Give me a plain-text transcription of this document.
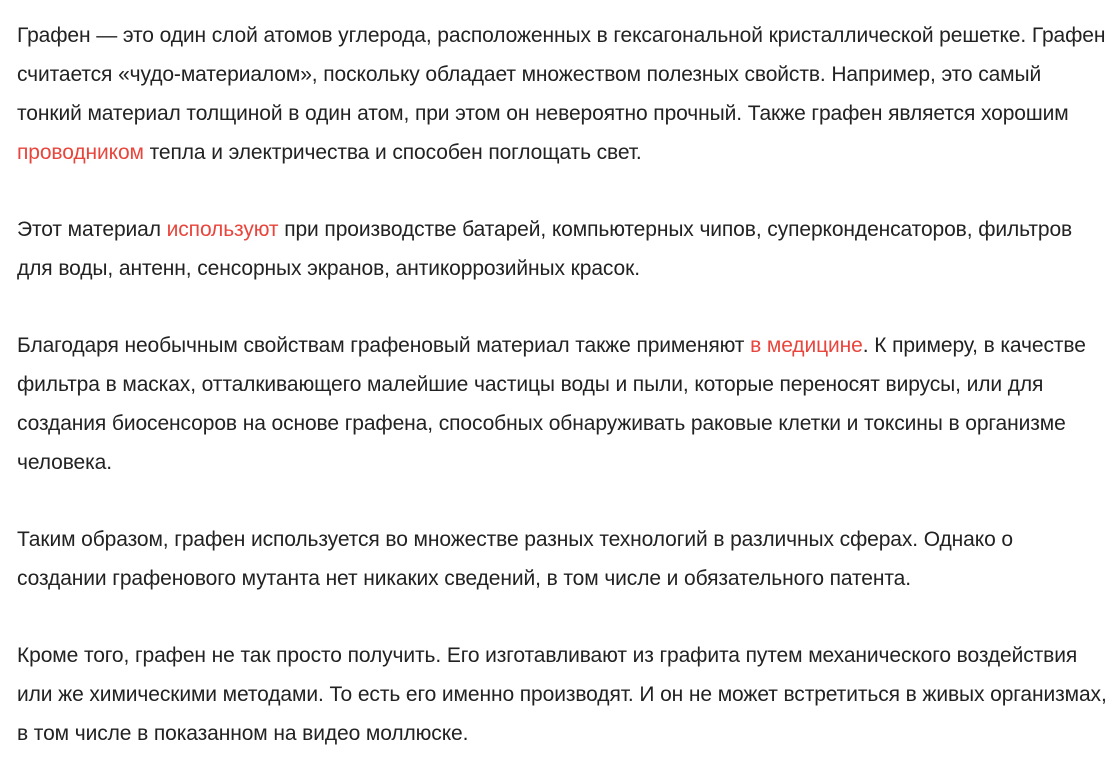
Графен — это один слой атомов углерода, расположенных в гексагональной кристаллической решетке. Графен считается «чудо-материалом», поскольку обладает множеством полезных свойств. Например, это самый тонкий материал толщиной в один атом, при этом он невероятно прочный. Также графен является хорошим проводником тепла и электричества и способен поглощать свет.

Этот материал используют при производстве батарей, компьютерных чипов, суперконденсаторов, фильтров для воды, антенн, сенсорных экранов, антикоррозийных красок.

Благодаря необычным свойствам графеновый материал также применяют в медицине. К примеру, в качестве фильтра в масках, отталкивающего малейшие частицы воды и пыли, которые переносят вирусы, или для создания биосенсоров на основе графена, способных обнаруживать раковые клетки и токсины в организме человека.

Таким образом, графен используется во множестве разных технологий в различных сферах. Однако о создании графенового мутанта нет никаких сведений, в том числе и обязательного патента.

Кроме того, графен не так просто получить. Его изготавливают из графита путем механического воздействия или же химическими методами. То есть его именно производят. И он не может встретиться в живых организмах, в том числе в показанном на видео моллюске.
